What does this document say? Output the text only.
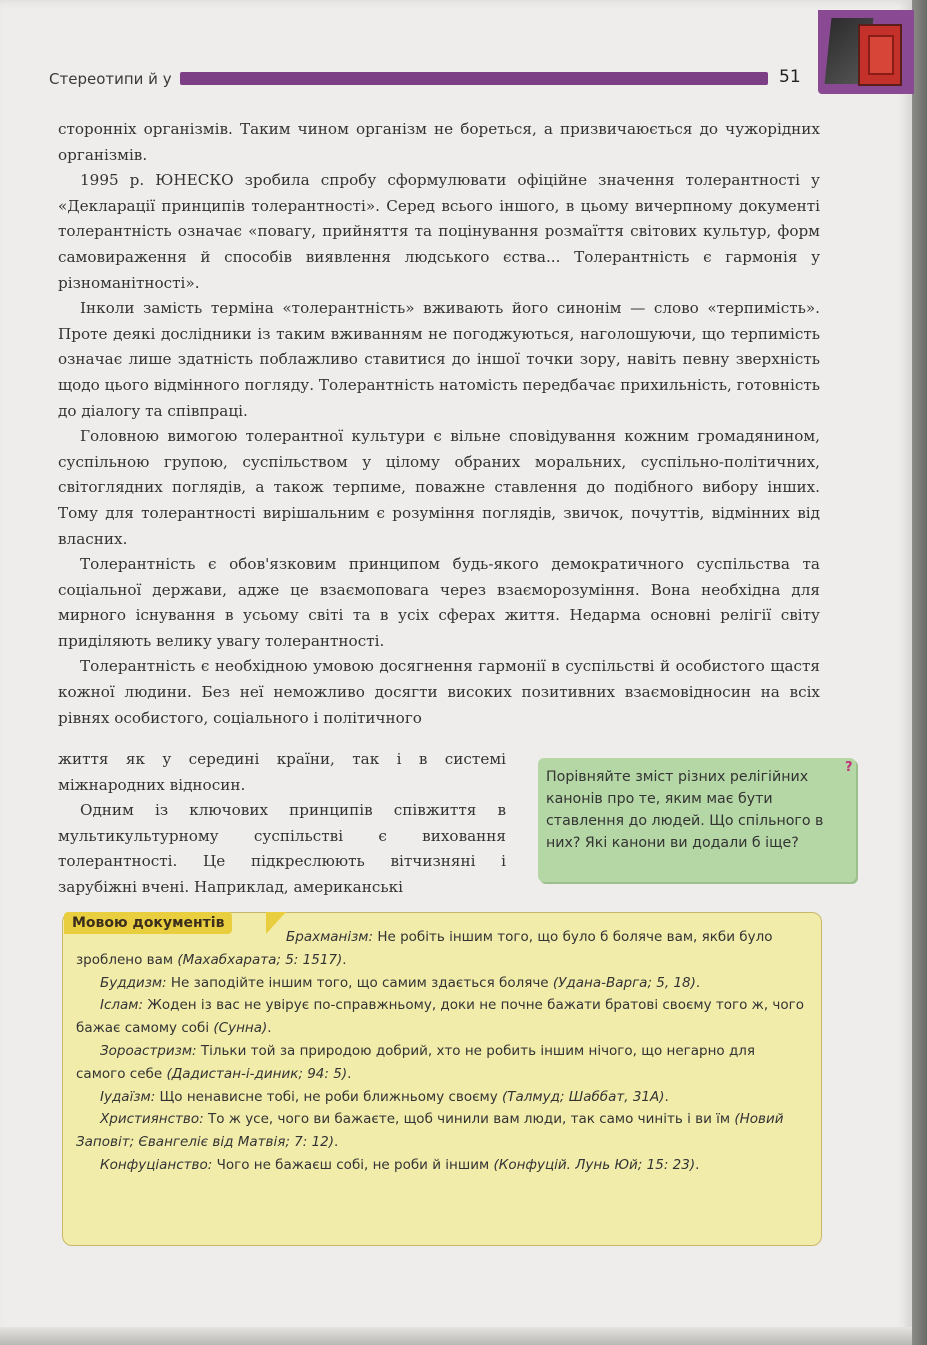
Стереотипи й у	51

сторонніх організмів. Таким чином організм не бореться, а призвичаюється до чужорідних організмів.

1995 р. ЮНЕСКО зробила спробу сформулювати офіційне значення толерантності у «Декларації принципів толерантності». Серед всього іншого, в цьому вичерпному документі толерантність означає «повагу, прийняття та поцінування розмаїття світових культур, форм самовираження й способів виявлення людського єства... Толерантність є гармонія у різноманітності».

Інколи замість терміна «толерантність» вживають його синонім — слово «терпимість». Проте деякі дослідники із таким вживанням не погоджуються, наголошуючи, що терпимість означає лише здатність поблажливо ставитися до іншої точки зору, навіть певну зверхність щодо цього відмінного погляду. Толерантність натомість передбачає прихильність, готовність до діалогу та співпраці.

Головною вимогою толерантної культури є вільне сповідування кожним громадянином, суспільною групою, суспільством у цілому обраних моральних, суспільно-політичних, світоглядних поглядів, а також терпиме, поважне ставлення до подібного вибору інших. Тому для толерантності вирішальним є розуміння поглядів, звичок, почуттів, відмінних від власних.

Толерантність є обов'язковим принципом будь-якого демократичного суспільства та соціальної держави, адже це взаємоповага через взаєморозуміння. Вона необхідна для мирного існування в усьому світі та в усіх сферах життя. Недарма основні релігії світу приділяють велику увагу толерантності.

Толерантність є необхідною умовою досягнення гармонії в суспільстві й особистого щастя кожної людини. Без неї неможливо досягти високих позитивних взаємовідносин на всіх рівнях особистого, соціального і політичного

життя як у середині країни, так і в системі міжнародних відносин.

Одним із ключових принципів співжиття в мультикультурному суспільстві є виховання толерантності. Це підкреслюють вітчизняні і зарубіжні вчені. Наприклад, американські

Порівняйте зміст різних релігійних канонів про те, яким має бути ставлення до людей. Що спільного в них? Які канони ви додали б іще?
?
Мовою документів

Брахманізм: Не робіть іншим того, що було б боляче вам, якби було зроблено вам (Махабхарата; 5: 1517).

Буддизм: Не заподійте іншим того, що самим здається боляче (Удана-Варга; 5, 18).

Іслам: Жоден із вас не увірує по-справжньому, доки не почне бажати братові своєму того ж, чого бажає самому собі (Сунна).

Зороастризм: Тільки той за природою добрий, хто не робить іншим нічого, що негарно для самого себе (Дадистан-і-диник; 94: 5).

Іудаїзм: Що ненависне тобі, не роби ближньому своєму (Талмуд; Шаббат, 31А).

Християнство: То ж усе, чого ви бажаєте, щоб чинили вам люди, так само чиніть і ви їм (Новий Заповіт; Євангеліє від Матвія; 7: 12).

Конфуціанство: Чого не бажаєш собі, не роби й іншим (Конфуцій. Лунь Юй; 15: 23).
